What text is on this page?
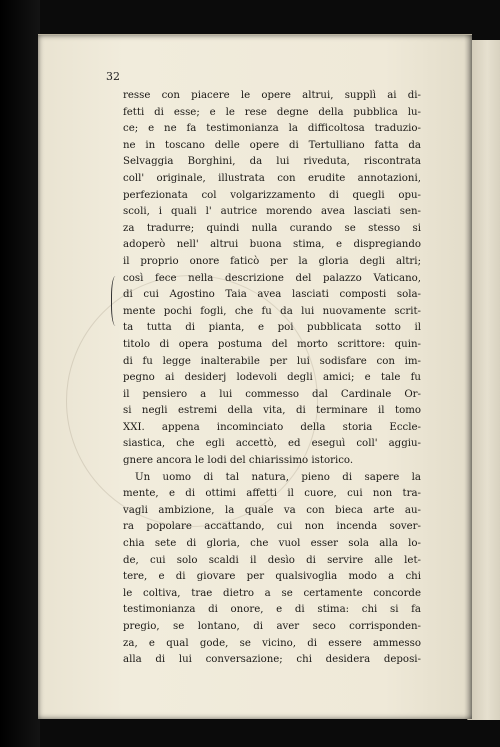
32
resse con piacere le opere altrui, supplì ai di-
fetti di esse; e le rese degne della pubblica lu-
ce; e ne fa testimonianza la difficoltosa traduzio-
ne in toscano delle opere di Tertulliano fatta da
Selvaggia Borghini, da lui riveduta, riscontrata
coll' originale, illustrata con erudite annotazioni,
perfezionata col volgarizzamento di quegli opu-
scoli, i quali l' autrice morendo avea lasciati sen-
za tradurre; quindi nulla curando se stesso si
adoperò nell' altrui buona stima, e dispregiando
il proprio onore faticò per la gloria degli altri;
così fece nella descrizione del palazzo Vaticano,
di cui Agostino Taia avea lasciati composti sola-
mente pochi fogli, che fu da lui nuovamente scrit-
ta tutta di pianta, e poi pubblicata sotto il
titolo di opera postuma del morto scrittore: quin-
di fu legge inalterabile per lui sodisfare con im-
pegno ai desiderj lodevoli degli amici; e tale fu
il pensiero a lui commesso dal Cardinale Or-
si negli estremi della vita, di terminare il tomo
XXI. appena incominciato della storia Eccle-
siastica, che egli accettò, ed eseguì coll' aggiu-
gnere ancora le lodi del chiarissimo istorico.
Un uomo di tal natura, pieno di sapere la
mente, e di ottimi affetti il cuore, cui non tra-
vagli ambizione, la quale va con bieca arte au-
ra popolare accattando, cui non incenda sover-
chia sete di gloria, che vuol esser sola alla lo-
de, cui solo scaldi il desìo di servire alle let-
tere, e di giovare per qualsivoglia modo a chi
le coltiva, trae dietro a se certamente concorde
testimonianza di onore, e di stima: chi si fa
pregio, se lontano, di aver seco corrisponden-
za, e qual gode, se vicino, di essere ammesso
alla di lui conversazione; chi desidera deposi-
